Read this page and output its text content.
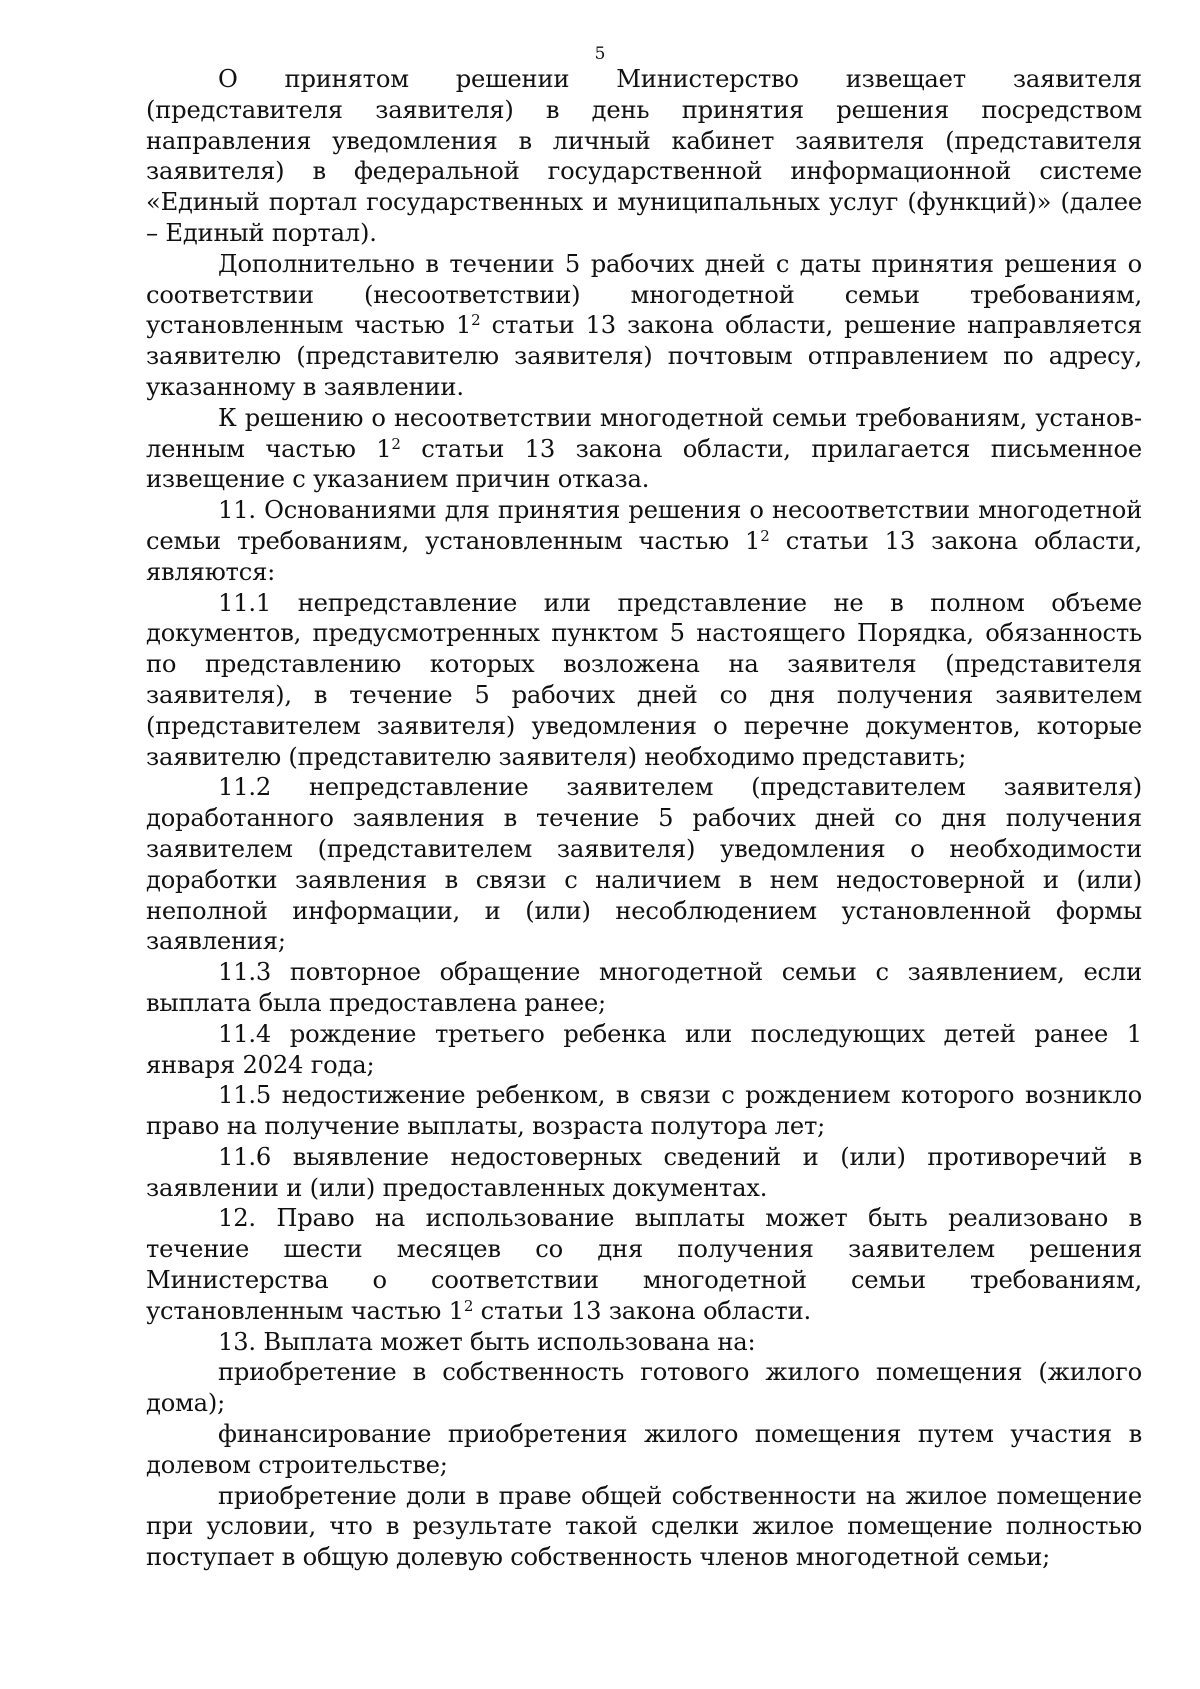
5

О принятом решении Министерство извещает заявителя (представителя заявителя) в день принятия решения посредством направления уведомления в личный кабинет заявителя (представителя заявителя) в федеральной государственной информационной системе «Единый портал государственных и муниципальных услуг (функций)» (далее – Единый портал).

Дополнительно в течении 5 рабочих дней с даты принятия решения о соответствии (несоответствии) многодетной семьи требованиям, установленным частью $1^2$ статьи 13 закона области, решение направляется заявителю (представителю заявителя) почтовым отправлением по адресу, указанному в заявлении.

К решению о несоответствии многодетной семьи требованиям, установленным частью $1^2$ статьи 13 закона области, прилагается письменное извещение с указанием причин отказа.

11. Основаниями для принятия решения о несоответствии многодетной семьи требованиям, установленным частью $1^2$ статьи 13 закона области, являются:

11.1 непредставление или представление не в полном объеме документов, предусмотренных пунктом 5 настоящего Порядка, обязанность по представлению которых возложена на заявителя (представителя заявителя), в течение 5 рабочих дней со дня получения заявителем (представителем заявителя) уведомления о перечне документов, которые заявителю (представителю заявителя) необходимо представить;

11.2 непредставление заявителем (представителем заявителя) доработанного заявления в течение 5 рабочих дней со дня получения заявителем (представителем заявителя) уведомления о необходимости доработки заявления в связи с наличием в нем недостоверной и (или) неполной информации, и (или) несоблюдением установленной формы заявления;

11.3 повторное обращение многодетной семьи с заявлением, если выплата была предоставлена ранее;

11.4 рождение третьего ребенка или последующих детей ранее 1 января 2024 года;

11.5 недостижение ребенком, в связи с рождением которого возникло право на получение выплаты, возраста полутора лет;

11.6 выявление недостоверных сведений и (или) противоречий в заявлении и (или) предоставленных документах.

12. Право на использование выплаты может быть реализовано в течение шести месяцев со дня получения заявителем решения Министерства о соответствии многодетной семьи требованиям, установленным частью $1^2$ статьи 13 закона области.

13. Выплата может быть использована на:

приобретение в собственность готового жилого помещения (жилого дома);

финансирование приобретения жилого помещения путем участия в долевом строительстве;

приобретение доли в праве общей собственности на жилое помещение при условии, что в результате такой сделки жилое помещение полностью поступает в общую долевую собственность членов многодетной семьи;
